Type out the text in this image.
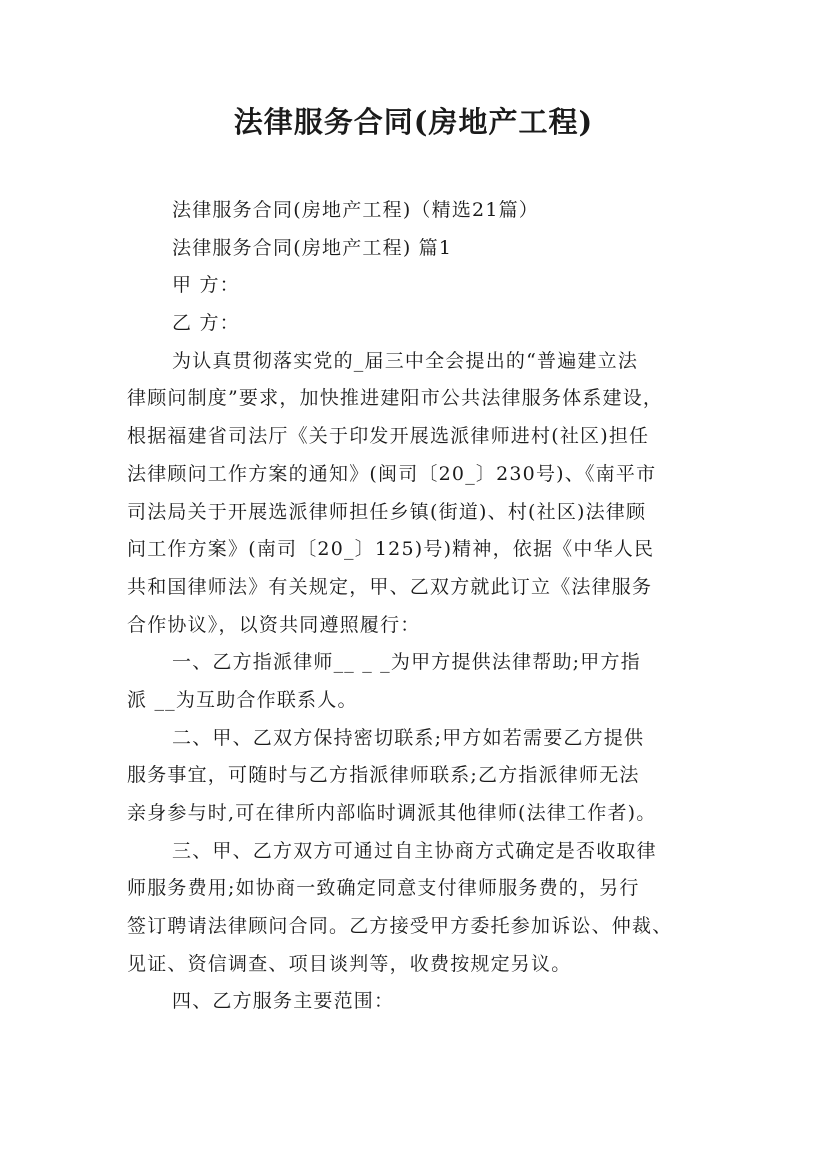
法律服务合同(房地产工程)
法律服务合同(房地产工程)（精选21篇）
法律服务合同(房地产工程) 篇1
甲 方：
乙 方：
为认真贯彻落实党的_届三中全会提出的“普遍建立法
律顾问制度”要求，加快推进建阳市公共法律服务体系建设，
根据福建省司法厅《关于印发开展选派律师进村(社区)担任
法律顾问工作方案的通知》(闽司〔20_〕230号)、《南平市
司法局关于开展选派律师担任乡镇(街道)、村(社区)法律顾
问工作方案》(南司〔20_〕125)号)精神，依据《中华人民
共和国律师法》有关规定，甲、乙双方就此订立《法律服务
合作协议》，以资共同遵照履行：
一、乙方指派律师__ _ _为甲方提供法律帮助;甲方指
派 __为互助合作联系人。
二、甲、乙双方保持密切联系;甲方如若需要乙方提供
服务事宜，可随时与乙方指派律师联系;乙方指派律师无法
亲身参与时,可在律所内部临时调派其他律师(法律工作者)。
三、甲、乙方双方可通过自主协商方式确定是否收取律
师服务费用;如协商一致确定同意支付律师服务费的，另行
签订聘请法律顾问合同。乙方接受甲方委托参加诉讼、仲裁、
见证、资信调查、项目谈判等，收费按规定另议。
四、乙方服务主要范围：
